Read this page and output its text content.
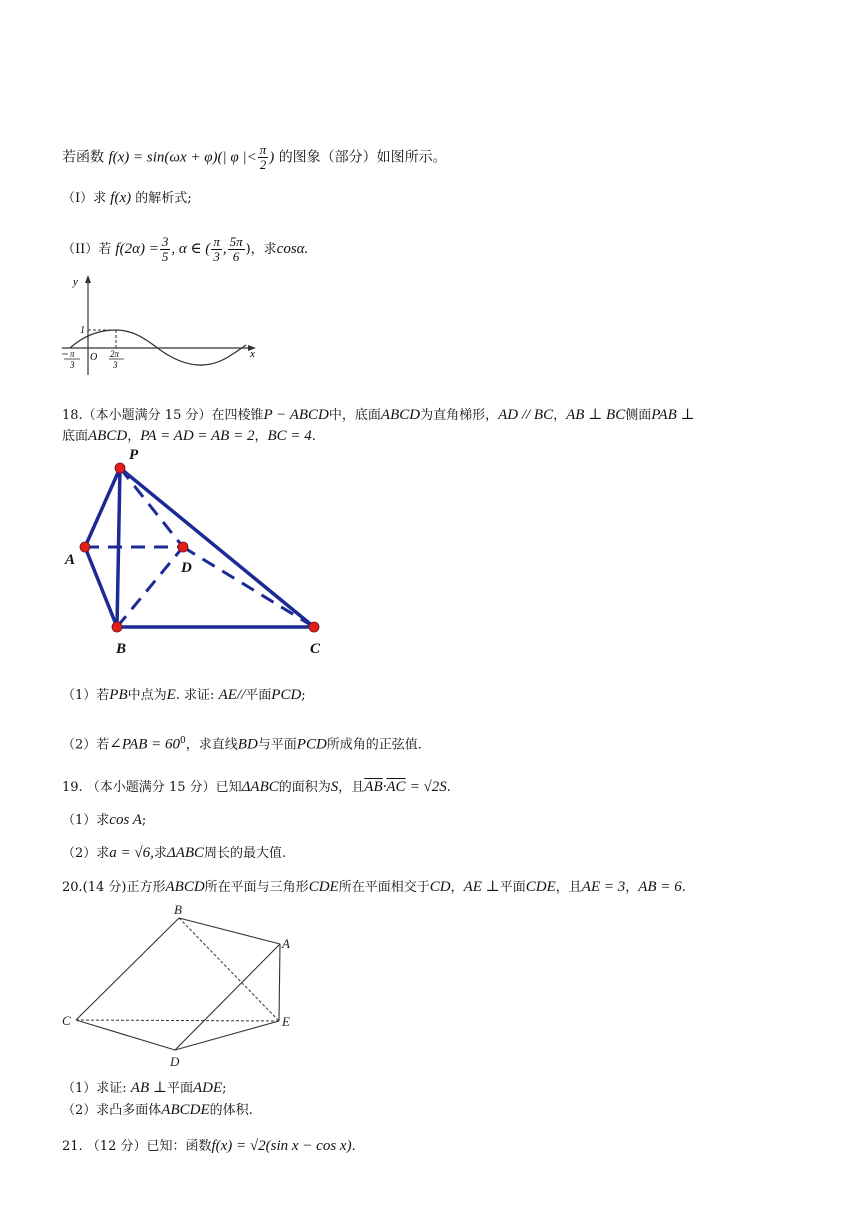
若函数 f(x) = sin(ωx + φ)(| φ |< $\frac{\pi}{2}$ ) 的图象（部分）如图所示。
（I）求 f(x) 的解析式;
（II）若 $f(2\alpha) = \frac{3}{5}$ , α ∈ ( $\frac{\pi}{3}$ , $\frac{5\pi}{6}$ )，求cosα.
y
x
O
1
π
3
2π
3
18.（本小题满分 15 分）在四棱锥P − ABCD中，底面ABCD为直角梯形，AD // BC，AB ⊥ BC侧面PAB ⊥
底面ABCD，PA = AD = AB = 2，BC = 4.
P
A	D
B	C
（1）若PB中点为E. 求证: AE//平面PCD;
（2）若∠PAB = $60^0$，求直线BD与平面PCD所成角的正弦值.
19. （本小题满分 15 分）已知ΔABC的面积为S，且$\overline{AB}\cdot\overline{AC} = √2S$.
（1）求cos A;
（2）求a = √6,求ΔABC周长的最大值.
20.(14 分)正方形ABCD所在平面与三角形CDE所在平面相交于CD，AE ⊥平面CDE，且AE = 3，AB = 6.
B
A
C	E
D
（1）求证: AB ⊥平面ADE;
（2）求凸多面体ABCDE的体积.
21. （12 分）已知：函数f(x) = √2(sin x − cos x).
